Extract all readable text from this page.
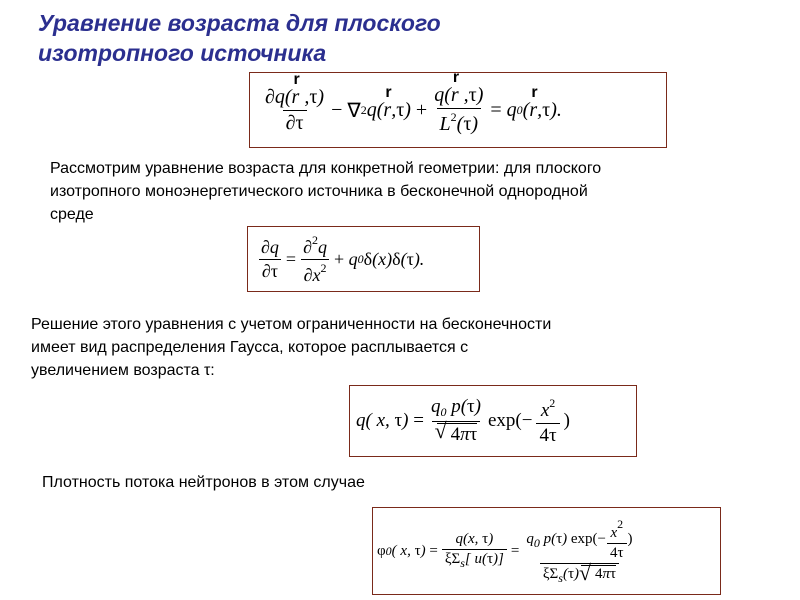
Уравнение возраста для плоского
изотропного источника
∂q(r
r
,τ)
∂τ −
∇ 2 q( r
r
, τ ) + q(r
r
,τ)
$L^2(\tau) = q$ 0 ( r
r
, τ ).
Рассмотрим уравнение возраста для конкретной геометрии: для плоского
изотропного моноэнергетического источника в бесконечной однородной
среде
$\frac{\partial q}{\partial\tau} = \frac{\partial^2q}{\partial x^2} + q$ 0 δ (x) δ ( τ ).
Решение этого уравнения с учетом ограниченности на бесконечности
имеет вид распределения Гаусса, которое расплывается с
увеличением возраста τ:
q( x, τ ) = $q_0$ p(τ)
√ 4πτ $\exp(- \frac{x^2}{4\tau}$ )
Плотность потока нейтронов в этом случае
φ 0 ( x, τ ) = $\frac{q(x, \tau)}{\xi\Sigma_s[ u(\tau)]} = \frac{q_0 p(\tau) \exp(- \frac{x^2}{4\tau} )}{\xi\Sigma_s(\tau)√ 4\pi\tau}$
